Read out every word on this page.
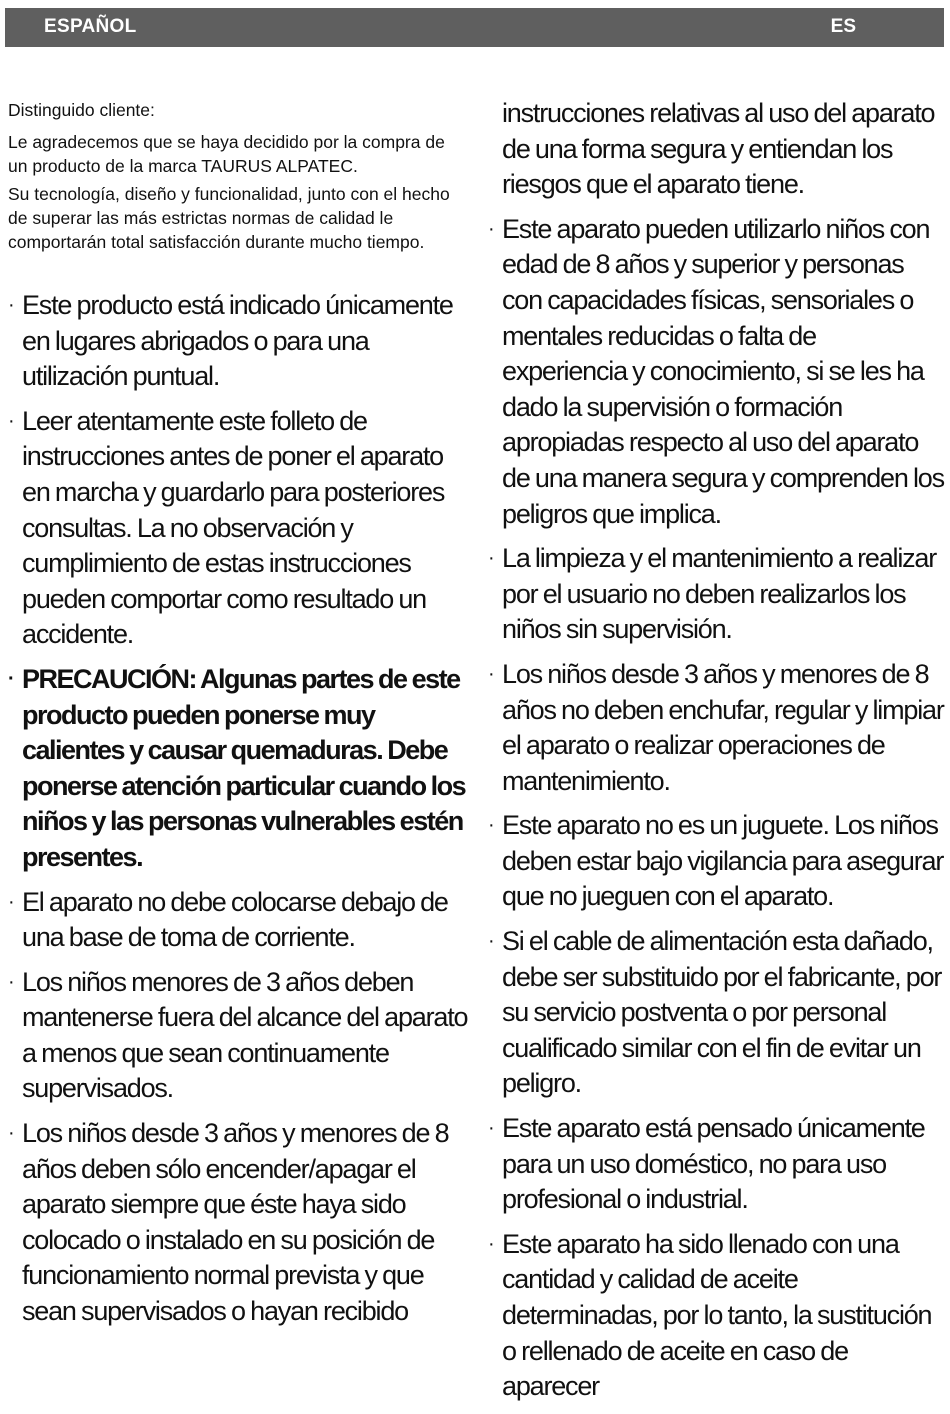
ESPAÑOL	ES

Distinguido cliente:

Le agradecemos que se haya decidido por la compra de un producto de la marca TAURUS ALPATEC.

Su tecnología, diseño y funcionalidad, junto con el hecho de superar las más estrictas normas de calidad le comportarán total satisfacción durante mucho tiempo.

· Este producto está indicado únicamente en lugares abrigados o para una utilización puntual.
· Leer atentamente este folleto de instrucciones antes de poner el aparato en marcha y guardarlo para posteriores consultas. La no observación y cumplimiento de estas instrucciones pueden comportar como resultado un accidente.
· PRECAUCIÓN: Algunas partes de este producto pueden ponerse muy calientes y causar quemaduras. Debe ponerse atención particular cuando los niños y las personas vulnerables estén presentes.
· El aparato no debe colocarse debajo de una base de toma de corriente.
· Los niños menores de 3 años deben mantenerse fuera del alcance del aparato a menos que sean continuamente supervisados.
· Los niños desde 3 años y menores de 8 años deben sólo encender/apagar el aparato siempre que éste haya sido colocado o instalado en su posición de funcionamiento normal prevista y que sean supervisados o hayan recibido

instrucciones relativas al uso del aparato de una forma segura y entiendan los riesgos que el aparato tiene.

· Este aparato pueden utilizarlo niños con edad de 8 años y superior y personas con capacidades físicas, sensoriales o mentales reducidas o falta de experiencia y conocimiento, si se les ha dado la supervisión o formación apropiadas respecto al uso del aparato de una manera segura y comprenden los peligros que implica.
· La limpieza y el mantenimiento a realizar por el usuario no deben realizarlos los niños sin supervisión.
· Los niños desde 3 años y menores de 8 años no deben enchufar, regular y limpiar el aparato o realizar operaciones de mantenimiento.
· Este aparato no es un juguete. Los niños deben estar bajo vigilancia para asegurar que no jueguen con el aparato.
· Si el cable de alimentación esta dañado, debe ser substituido por el fabricante, por su servicio postventa o por personal cualificado similar con el fin de evitar un peligro.
· Este aparato está pensado únicamente para un uso doméstico, no para uso profesional o industrial.
· Este aparato ha sido llenado con una cantidad y calidad de aceite determinadas, por lo tanto, la sustitución o rellenado de aceite en caso de aparecer
